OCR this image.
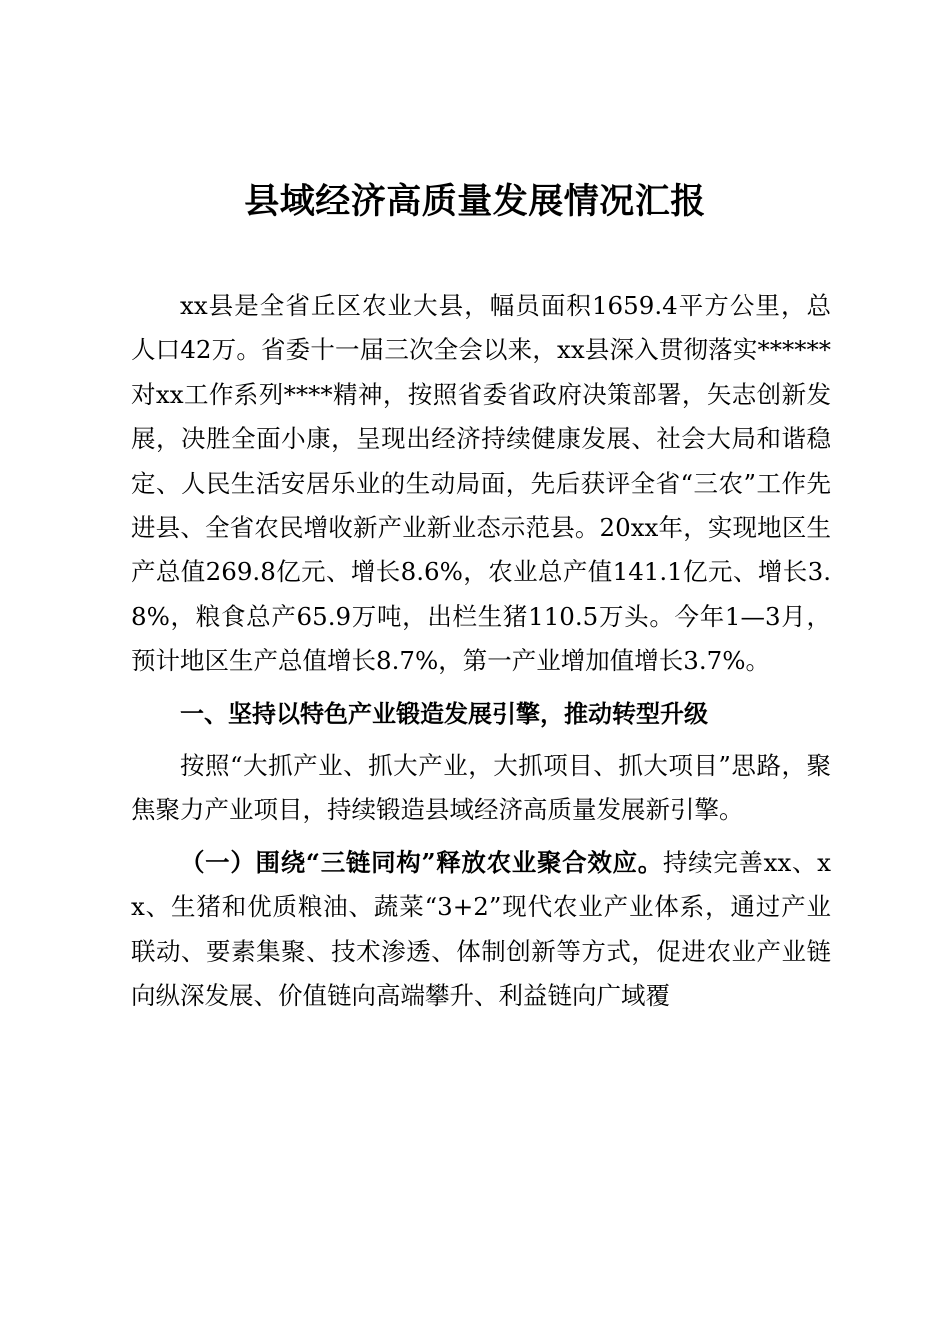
县域经济高质量发展情况汇报

xx县是全省丘区农业大县，幅员面积1659.4平方公里，总人口42万。省委十一届三次全会以来，xx县深入贯彻落实******对xx工作系列****精神，按照省委省政府决策部署，矢志创新发展，决胜全面小康，呈现出经济持续健康发展、社会大局和谐稳定、人民生活安居乐业的生动局面，先后获评全省“三农”工作先进县、全省农民增收新产业新业态示范县。20xx年，实现地区生产总值269.8亿元、增长8.6%，农业总产值141.1亿元、增长3.8%，粮食总产65.9万吨，出栏生猪110.5万头。今年1—3月，预计地区生产总值增长8.7%，第一产业增加值增长3.7%。

一、坚持以特色产业锻造发展引擎，推动转型升级

按照“大抓产业、抓大产业，大抓项目、抓大项目”思路，聚焦聚力产业项目，持续锻造县域经济高质量发展新引擎。

（一）围绕“三链同构”释放农业聚合效应。持续完善xx、xx、生猪和优质粮油、蔬菜“3+2”现代农业产业体系，通过产业联动、要素集聚、技术渗透、体制创新等方式，促进农业产业链向纵深发展、价值链向高端攀升、利益链向广域覆
